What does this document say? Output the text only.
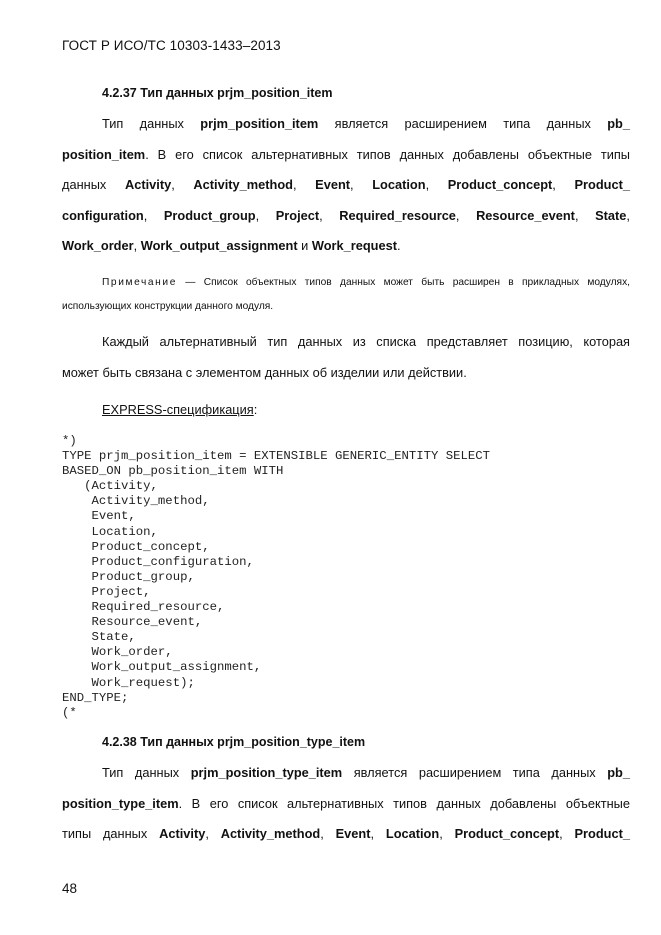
ГОСТ Р ИСО/ТС 10303-1433–2013
4.2.37 Тип данных prjm_position_item
Тип данных prjm_position_item является расширением типа данных pb_
position_item. В его список альтернативных типов данных добавлены объектные типы
данных Activity, Activity_method, Event, Location, Product_concept, Product_
configuration, Product_group, Project, Required_resource, Resource_event, State,
Work_order, Work_output_assignment и Work_request.
Примечание — Список объектных типов данных может быть расширен в прикладных модулях,
использующих конструкции данного модуля.
Каждый альтернативный тип данных из списка представляет позицию, которая
может быть связана с элементом данных об изделии или действии.
EXPRESS-спецификация:
*)
TYPE prjm_position_item = EXTENSIBLE GENERIC_ENTITY SELECT
BASED_ON pb_position_item WITH
(Activity,
Activity_method,
Event,
Location,
Product_concept,
Product_configuration,
Product_group,
Project,
Required_resource,
Resource_event,
State,
Work_order,
Work_output_assignment,
Work_request);
END_TYPE;
(*
4.2.38 Тип данных prjm_position_type_item
Тип данных prjm_position_type_item является расширением типа данных pb_
position_type_item. В его список альтернативных типов данных добавлены объектные
типы данных Activity, Activity_method, Event, Location, Product_concept, Product_
48
